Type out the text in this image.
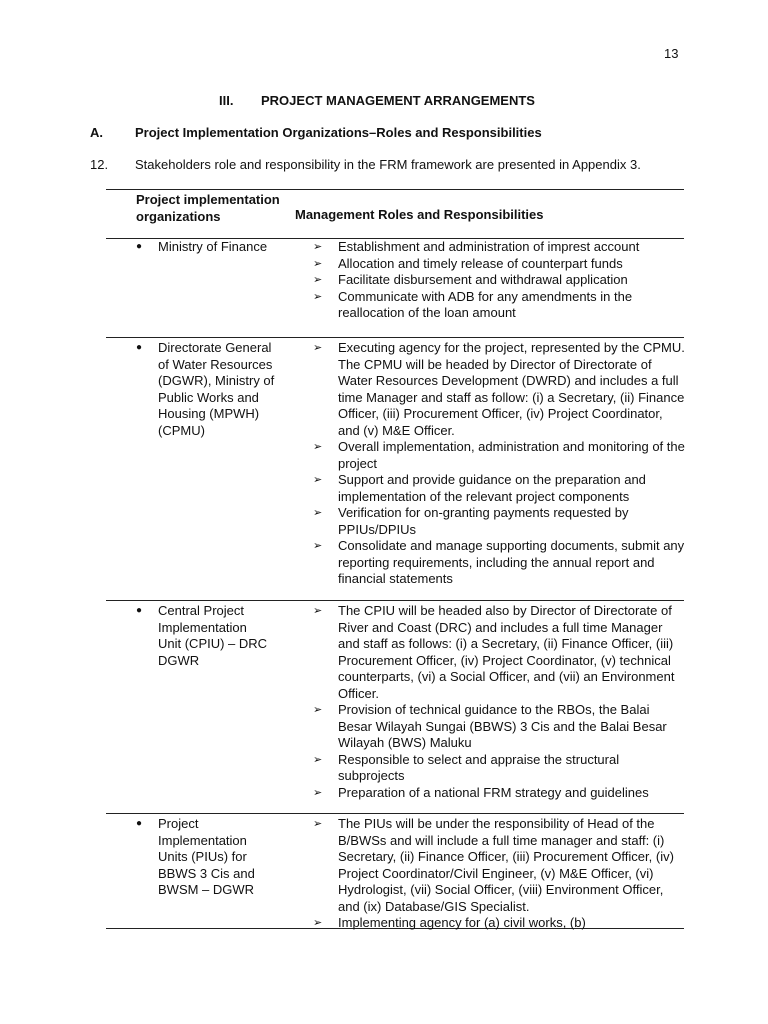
13
III. PROJECT MANAGEMENT ARRANGEMENTS
A. Project Implementation Organizations–Roles and Responsibilities
12. Stakeholders role and responsibility in the FRM framework are presented in Appendix 3.
Project implementation organizations	Management Roles and Responsibilities
●	Ministry of Finance	➢	Establishment and administration of imprest account
➢	Allocation and timely release of counterpart funds
➢	Facilitate disbursement and withdrawal application
➢	Communicate with ADB for any amendments in the reallocation of the loan amount
●	Directorate General of Water Resources (DGWR), Ministry of Public Works and Housing (MPWH) (CPMU)
➢	Executing agency for the project, represented by the CPMU. The CPMU will be headed by Director of Directorate of Water Resources Development (DWRD) and includes a full time Manager and staff as follow: (i) a Secretary, (ii) Finance Officer, (iii) Procurement Officer, (iv) Project Coordinator, and (v) M&E Officer.
➢	Overall implementation, administration and monitoring of the project
➢	Support and provide guidance on the preparation and implementation of the relevant project components
➢	Verification for on-granting payments requested by PPIUs/DPIUs
➢	Consolidate and manage supporting documents, submit any reporting requirements, including the annual report and financial statements
●	Central Project Implementation Unit (CPIU) – DRC DGWR
➢	The CPIU will be headed also by Director of Directorate of River and Coast (DRC) and includes a full time Manager and staff as follows: (i) a Secretary, (ii) Finance Officer, (iii) Procurement Officer, (iv) Project Coordinator, (v) technical counterparts, (vi) a Social Officer, and (vii) an Environment Officer.
➢	Provision of technical guidance to the RBOs, the Balai Besar Wilayah Sungai (BBWS) 3 Cis and the Balai Besar Wilayah (BWS) Maluku
➢	Responsible to select and appraise the structural subprojects
➢	Preparation of a national FRM strategy and guidelines
●	Project Implementation Units (PIUs) for BBWS 3 Cis and BWSM – DGWR
➢	The PIUs will be under the responsibility of Head of the B/BWSs and will include a full time manager and staff: (i) Secretary, (ii) Finance Officer, (iii) Procurement Officer, (iv) Project Coordinator/Civil Engineer, (v) M&E Officer, (vi) Hydrologist, (vii) Social Officer, (viii) Environment Officer, and (ix) Database/GIS Specialist.
➢	Implementing agency for (a) civil works, (b)
